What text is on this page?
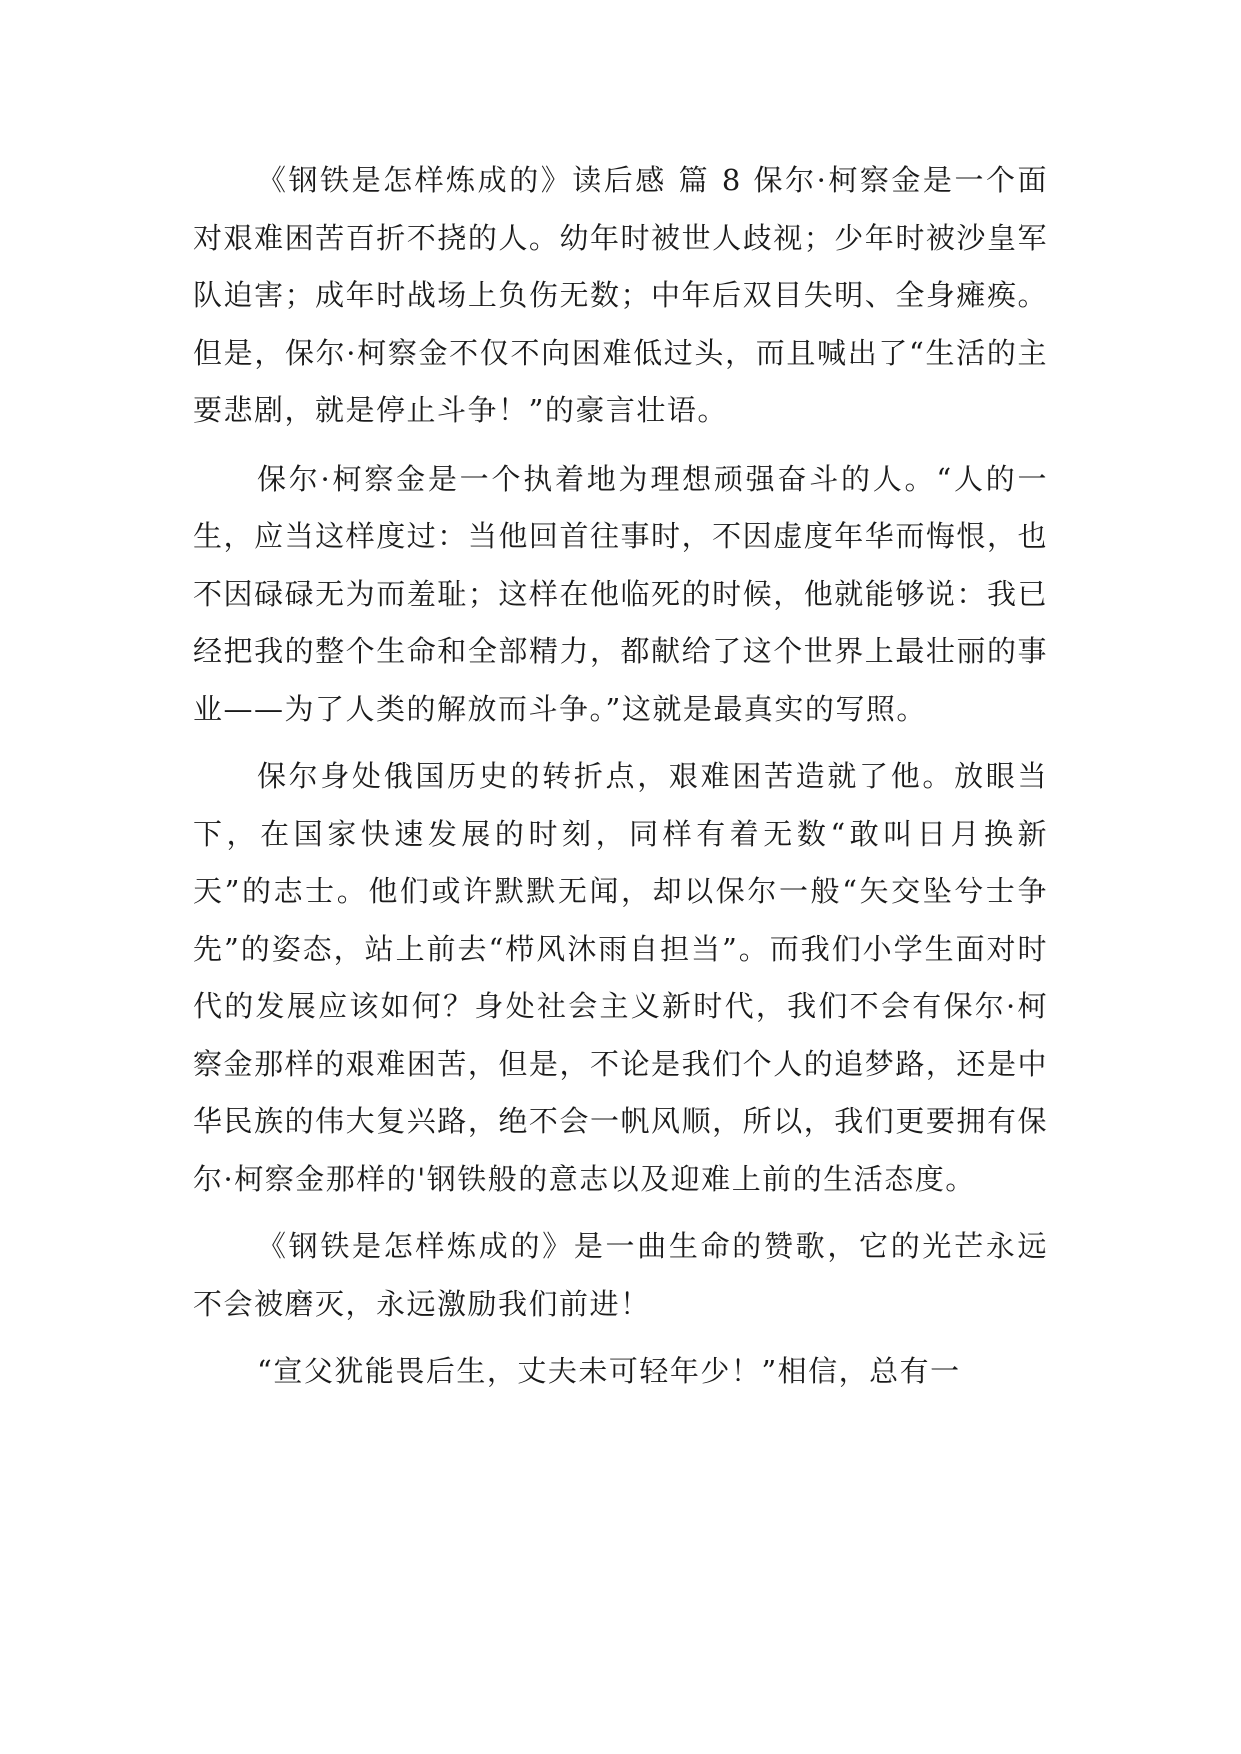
《钢铁是怎样炼成的》读后感 篇 8 保尔·柯察金是一个面对艰难困苦百折不挠的人。幼年时被世人歧视；少年时被沙皇军队迫害；成年时战场上负伤无数；中年后双目失明、全身瘫痪。但是，保尔·柯察金不仅不向困难低过头，而且喊出了“生活的主要悲剧，就是停止斗争！”的豪言壮语。

保尔·柯察金是一个执着地为理想顽强奋斗的人。“人的一生，应当这样度过：当他回首往事时，不因虚度年华而悔恨，也不因碌碌无为而羞耻；这样在他临死的时候，他就能够说：我已经把我的整个生命和全部精力，都献给了这个世界上最壮丽的事业——为了人类的解放而斗争。”这就是最真实的写照。

保尔身处俄国历史的转折点，艰难困苦造就了他。放眼当下，在国家快速发展的时刻，同样有着无数“敢叫日月换新天”的志士。他们或许默默无闻，却以保尔一般“矢交坠兮士争先”的姿态，站上前去“栉风沐雨自担当”。而我们小学生面对时代的发展应该如何？身处社会主义新时代，我们不会有保尔·柯察金那样的艰难困苦，但是，不论是我们个人的追梦路，还是中华民族的伟大复兴路，绝不会一帆风顺，所以，我们更要拥有保尔·柯察金那样的'钢铁般的意志以及迎难上前的生活态度。

《钢铁是怎样炼成的》是一曲生命的赞歌，它的光芒永远不会被磨灭，永远激励我们前进！

“宣父犹能畏后生，丈夫未可轻年少！”相信，总有一
